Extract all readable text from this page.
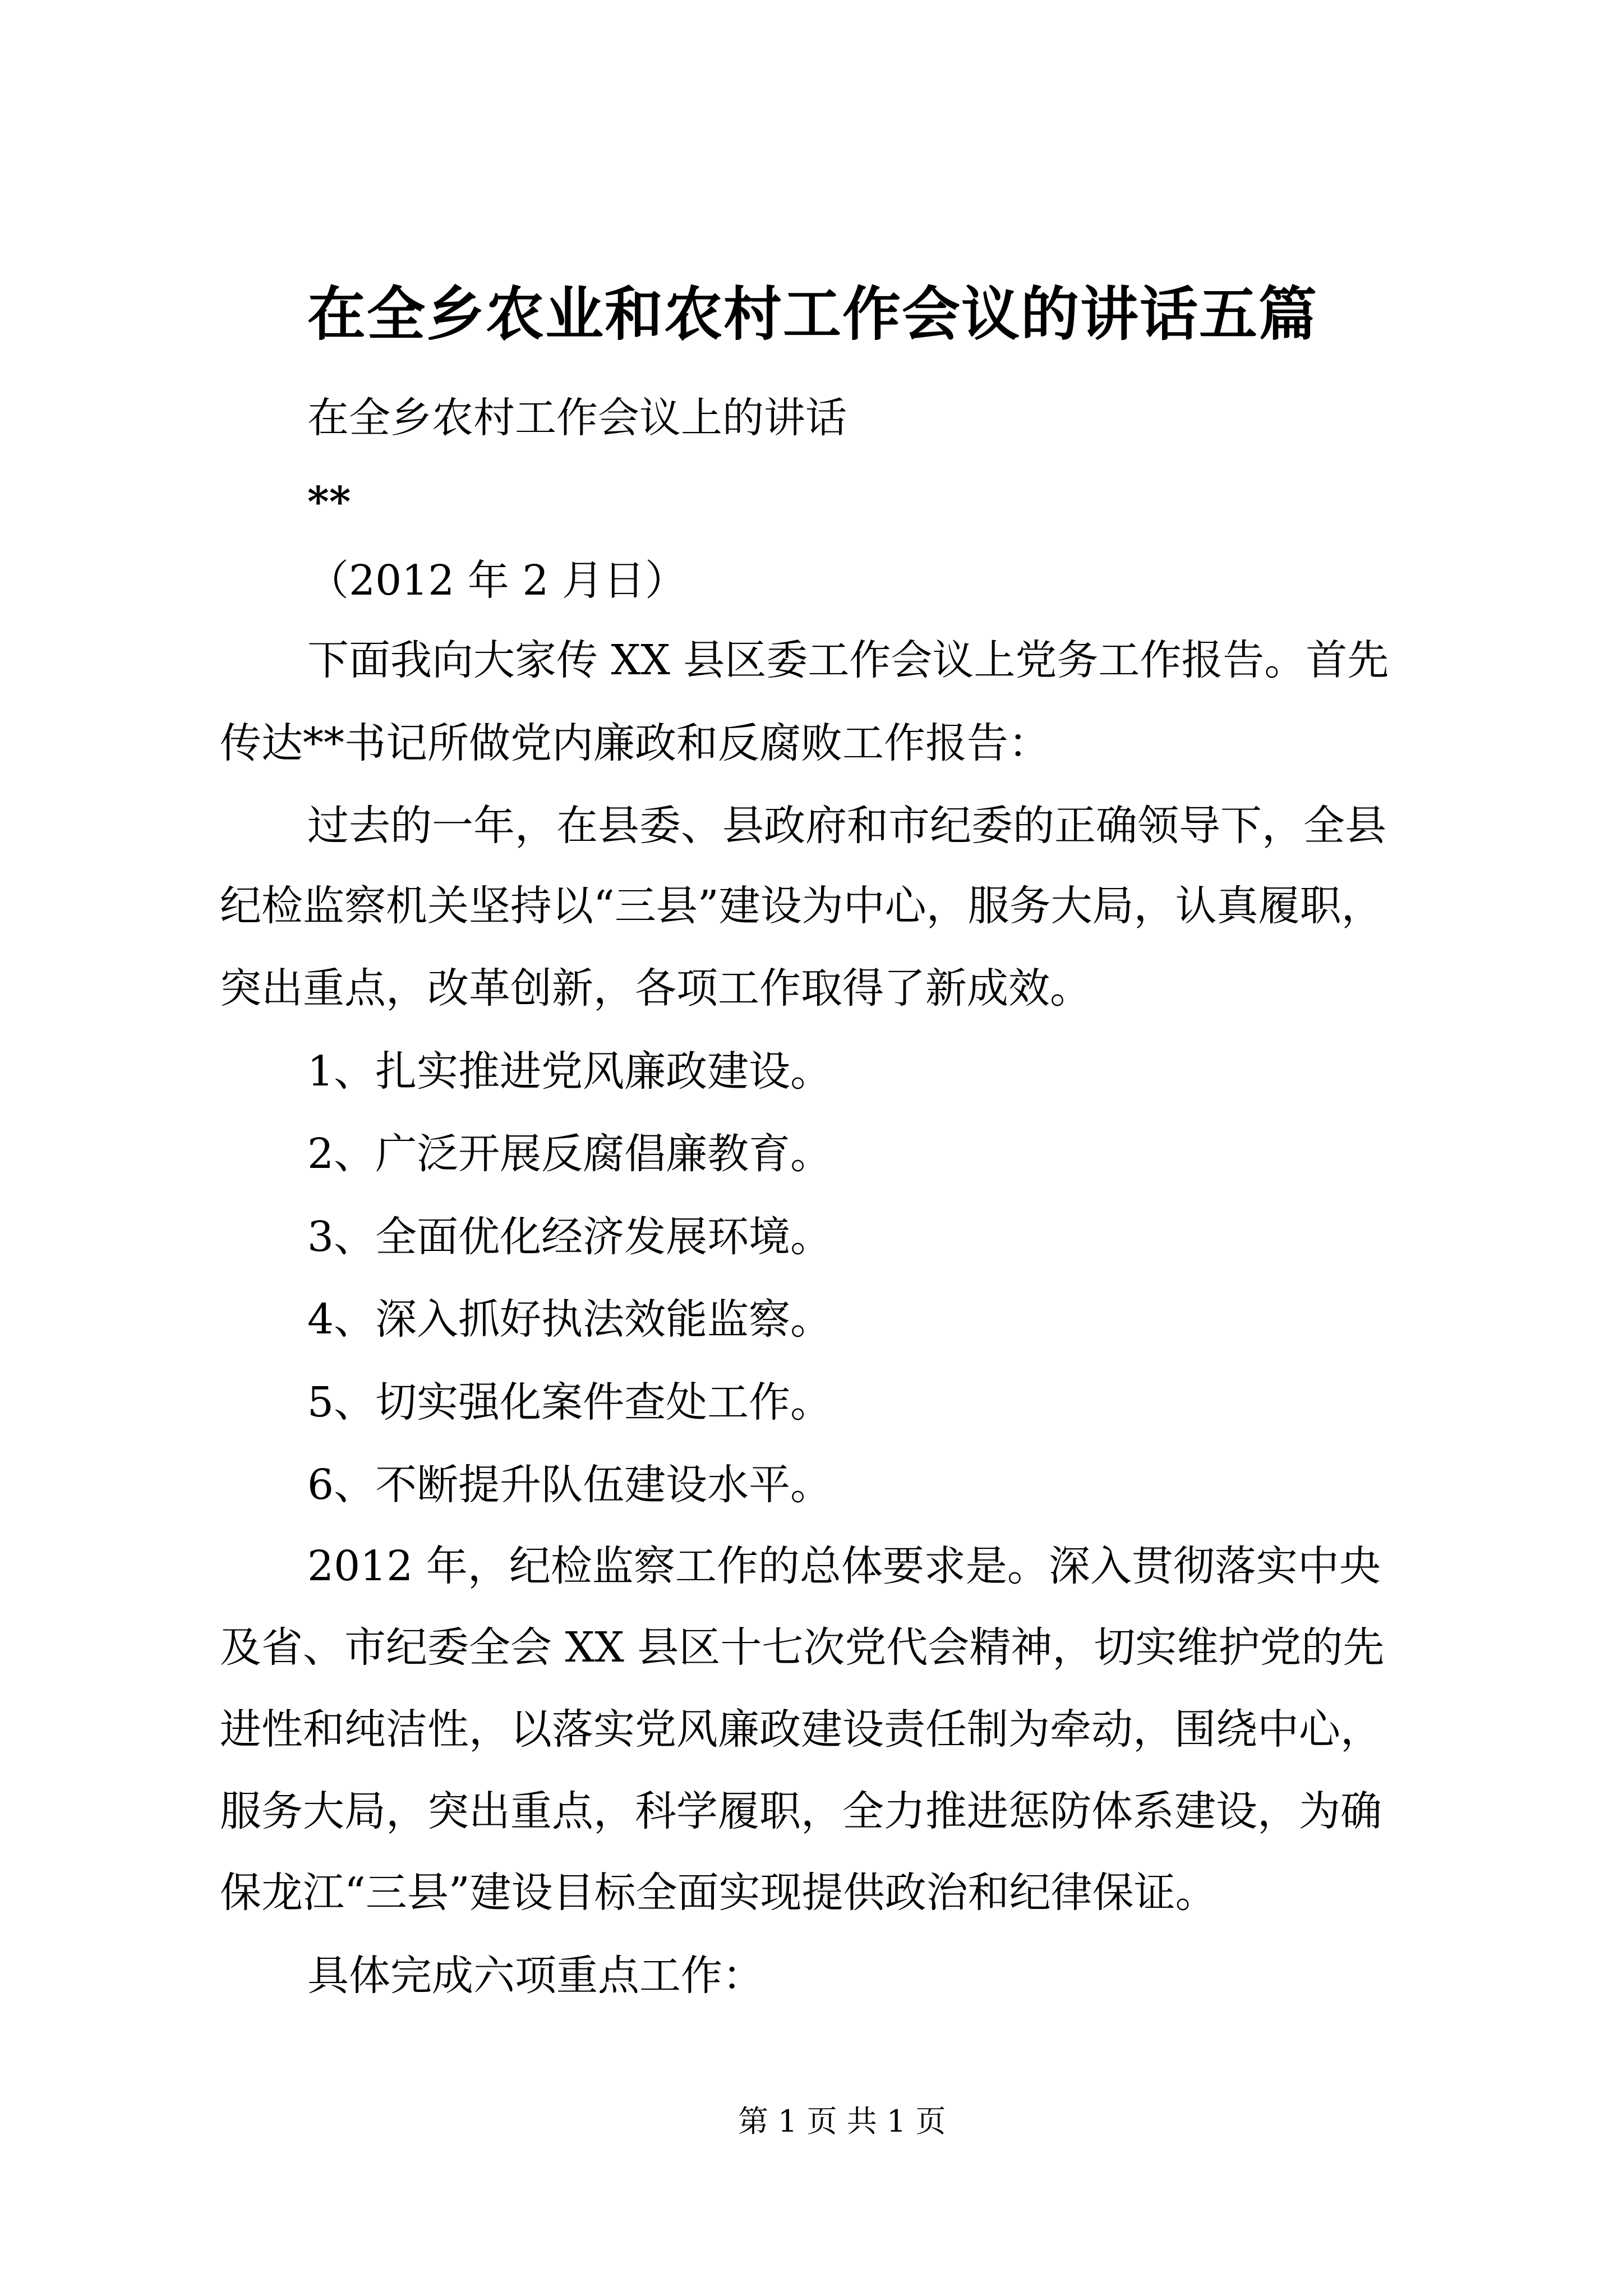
在全乡农业和农村工作会议的讲话五篇
在全乡农村工作会议上的讲话
**
（2012 年 2 月日）
下面我向大家传 XX 县区委工作会议上党务工作报告。首先
传达**书记所做党内廉政和反腐败工作报告：
过去的一年，在县委、县政府和市纪委的正确领导下，全县
纪检监察机关坚持以“三县”建设为中心，服务大局，认真履职，
突出重点，改革创新，各项工作取得了新成效。
1、扎实推进党风廉政建设。
2、广泛开展反腐倡廉教育。
3、全面优化经济发展环境。
4、深入抓好执法效能监察。
5、切实强化案件查处工作。
6、不断提升队伍建设水平。
2012 年，纪检监察工作的总体要求是。深入贯彻落实中央
及省、市纪委全会 XX 县区十七次党代会精神，切实维护党的先
进性和纯洁性，以落实党风廉政建设责任制为牵动，围绕中心，
服务大局，突出重点，科学履职，全力推进惩防体系建设，为确
保龙江“三县”建设目标全面实现提供政治和纪律保证。
具体完成六项重点工作：
第 1 页 共 1 页
